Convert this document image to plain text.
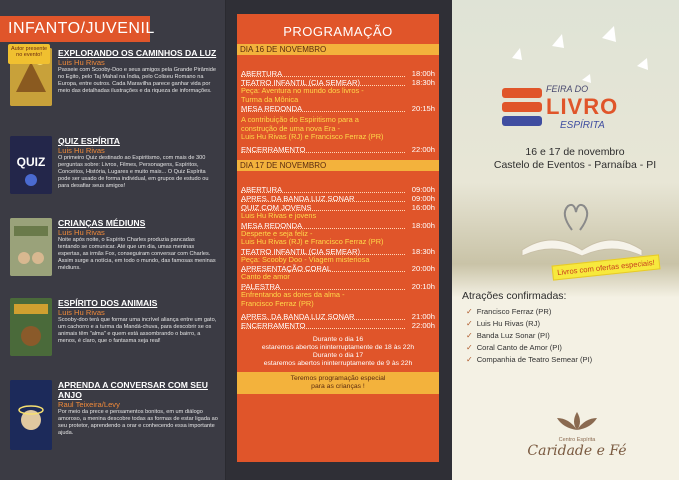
INFANTO/JUVENIL
Autor presente no evento!	EXPLORANDO OS CAMINHOS DA LUZ
Luis Hu Rivas
Passeie com Scooby-Doo e seus amigos pela Grande Pirâmide no Egito, pelo Taj Mahal na Índia, pelo Coliseu Romano na Europa, entre outros. Cada Maravilha parece ganhar vida por meio das detalhadas ilustrações e da riqueza de informações.
QUIZ
QUIZ ESPÍRITA
Luis Hu Rivas
O primeiro Quiz destinado ao Espiritismo, com mais de 300 perguntas sobre: Livros, Filmes, Personagens, Espíritos, Conceitos, História, Lugares e muito mais... O Quiz Espírita pode ser usado de forma individual, em grupos de estudo ou para desafiar seus amigos!
CRIANÇAS MÉDIUNS
Luis Hu Rivas
Noite após noite, o Espírito Charles produzia pancadas tentando se comunicar. Até que um dia, umas meninas espertas, as irmãs Fox, conseguiram conversar com Charles. Assim surge a notícia, em todo o mundo, das famosas meninas médiuns.
ESPÍRITO DOS ANIMAIS
Luis Hu Rivas
Scooby-doo terá que formar uma incrível aliança entre um gato, um cachorro e a turma da Mandá-chuva, para descobrir se os animais têm "alma" e quem está assombrando o bairro, a menos, é claro, que o fantasma seja real!
APRENDA A CONVERSAR COM SEU ANJO
Raul Teixeira/Levy
Por meio da prece e pensamentos bonitos, em um diálogo amoroso, a menina descobre todas as formas de estar ligada ao seu protetor, aprendendo a orar e conhecendo essa importante ajuda.
PROGRAMAÇÃO
DIA 16 DE NOVEMBRO
ABERTURA	18:00h
TEATRO INFANTIL (CIA SEMEAR)	18:30h
Peça: Aventura no mundo dos livros -
Turma da Mônica
MESA REDONDA	20:15h
A contribuição do Espiritismo para a
construção de uma nova Era -
Luis Hu Rivas (RJ) e Francisco Ferraz (PR)
ENCERRAMENTO	22:00h
DIA 17 DE NOVEMBRO
ABERTURA	09:00h
APRES. DA BANDA LUZ SONAR	09:00h
QUIZ COM JOVENS	16:00h
Luis Hu Rivas e jovens
MESA REDONDA	18:00h
Desperte e seja feliz -
Luis Hu Rivas (RJ) e Francisco Ferraz (PR)
TEATRO INFANTIL (CIA SEMEAR)	18:30h
Peça: Scooby Doo - Viagem misteriosa
APRESENTAÇÃO CORAL	20:00h
Canto de amor
PALESTRA	20:10h
Enfrentando as dores da alma -
Francisco Ferraz (PR)
APRES. DA BANDA LUZ SONAR	21:00h
ENCERRAMENTO	22:00h
Durante o dia 16
estaremos abertos ininterruptamente de 18 às 22h
Durante o dia 17
estaremos abertos ininterruptamente de 9 às 22h
Teremos programação especial
para as crianças !
FEIRA DO
LIVRO
ESPÍRITA
16 e 17 de novembro
Castelo de Eventos - Parnaíba - PI
Livros com ofertas especiais!
Atrações confirmadas:
✓ Francisco Ferraz (PR)
✓ Luis Hu Rivas (RJ)
✓ Banda Luz Sonar (PI)
✓ Coral Canto de Amor (PI)
✓ Companhia de Teatro Semear (PI)
Centro Espírita
Caridade e Fé
